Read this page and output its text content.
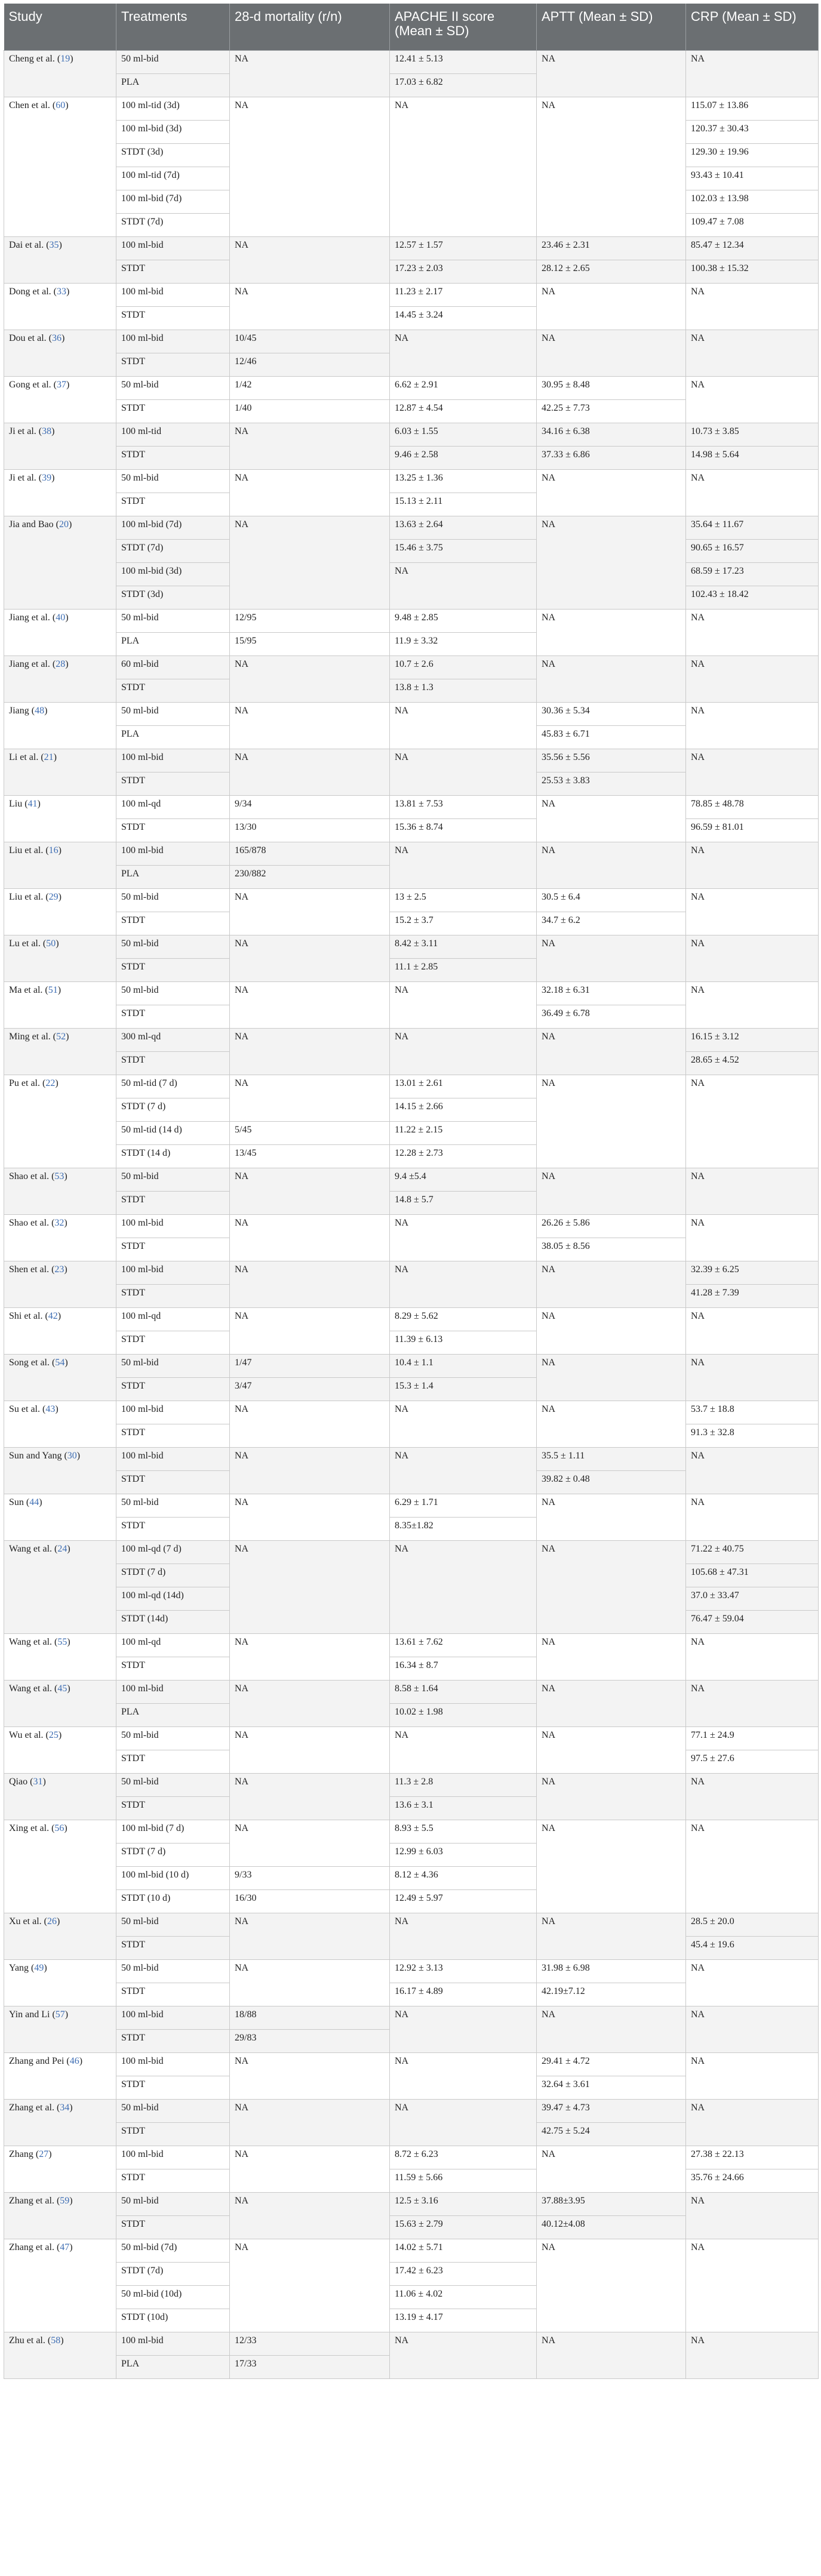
Study	Treatments	28-d mortality (r/n)	APACHE II score (Mean ± SD)	APTT (Mean ± SD)	CRP (Mean ± SD)
Cheng et al. (19)	50 ml-bid	NA	12.41 ± 5.13	NA	NA
	PLA		17.03 ± 6.82		
Chen et al. (60)	100 ml-tid (3d)	NA	NA	NA	115.07 ± 13.86
	100 ml-bid (3d)				120.37 ± 30.43
	STDT (3d)				129.30 ± 19.96
	100 ml-tid (7d)				93.43 ± 10.41
	100 ml-bid (7d)				102.03 ± 13.98
	STDT (7d)				109.47 ± 7.08
Dai et al. (35)	100 ml-bid	NA	12.57 ± 1.57	23.46 ± 2.31	85.47 ± 12.34
	STDT		17.23 ± 2.03	28.12 ± 2.65	100.38 ± 15.32
Dong et al. (33)	100 ml-bid	NA	11.23 ± 2.17	NA	NA
	STDT		14.45 ± 3.24		
Dou et al. (36)	100 ml-bid	10/45	NA	NA	NA
	STDT	12/46			
Gong et al. (37)	50 ml-bid	1/42	6.62 ± 2.91	30.95 ± 8.48	NA
	STDT	1/40	12.87 ± 4.54	42.25 ± 7.73	
Ji et al. (38)	100 ml-tid	NA	6.03 ± 1.55	34.16 ± 6.38	10.73 ± 3.85
	STDT		9.46 ± 2.58	37.33 ± 6.86	14.98 ± 5.64
Ji et al. (39)	50 ml-bid	NA	13.25 ± 1.36	NA	NA
	STDT		15.13 ± 2.11		
Jia and Bao (20)	100 ml-bid (7d)	NA	13.63 ± 2.64	NA	35.64 ± 11.67
	STDT (7d)		15.46 ± 3.75		90.65 ± 16.57
	100 ml-bid (3d)		NA		68.59 ± 17.23
	STDT (3d)				102.43 ± 18.42
Jiang et al. (40)	50 ml-bid	12/95	9.48 ± 2.85	NA	NA
	PLA	15/95	11.9 ± 3.32		
Jiang et al. (28)	60 ml-bid	NA	10.7 ± 2.6	NA	NA
	STDT		13.8 ± 1.3		
Jiang (48)	50 ml-bid	NA	NA	30.36 ± 5.34	NA
	PLA			45.83 ± 6.71	
Li et al. (21)	100 ml-bid	NA	NA	35.56 ± 5.56	NA
	STDT			25.53 ± 3.83	
Liu (41)	100 ml-qd	9/34	13.81 ± 7.53	NA	78.85 ± 48.78
	STDT	13/30	15.36 ± 8.74		96.59 ± 81.01
Liu et al. (16)	100 ml-bid	165/878	NA	NA	NA
	PLA	230/882			
Liu et al. (29)	50 ml-bid	NA	13 ± 2.5	30.5 ± 6.4	NA
	STDT		15.2 ± 3.7	34.7 ± 6.2	
Lu et al. (50)	50 ml-bid	NA	8.42 ± 3.11	NA	NA
	STDT		11.1 ± 2.85		
Ma et al. (51)	50 ml-bid	NA	NA	32.18 ± 6.31	NA
	STDT			36.49 ± 6.78	
Ming et al. (52)	300 ml-qd	NA	NA	NA	16.15 ± 3.12
	STDT				28.65 ± 4.52
Pu et al. (22)	50 ml-tid (7 d)	NA	13.01 ± 2.61	NA	NA
	STDT (7 d)		14.15 ± 2.66		
	50 ml-tid (14 d)	5/45	11.22 ± 2.15		
	STDT (14 d)	13/45	12.28 ± 2.73		
Shao et al. (53)	50 ml-bid	NA	9.4 ±5.4	NA	NA
	STDT		14.8 ± 5.7		
Shao et al. (32)	100 ml-bid	NA	NA	26.26 ± 5.86	NA
	STDT			38.05 ± 8.56	
Shen et al. (23)	100 ml-bid	NA	NA	NA	32.39 ± 6.25
	STDT				41.28 ± 7.39
Shi et al. (42)	100 ml-qd	NA	8.29 ± 5.62	NA	NA
	STDT		11.39 ± 6.13		
Song et al. (54)	50 ml-bid	1/47	10.4 ± 1.1	NA	NA
	STDT	3/47	15.3 ± 1.4		
Su et al. (43)	100 ml-bid	NA	NA	NA	53.7 ± 18.8
	STDT				91.3 ± 32.8
Sun and Yang (30)	100 ml-bid	NA	NA	35.5 ± 1.11	NA
	STDT			39.82 ± 0.48	
Sun (44)	50 ml-bid	NA	6.29 ± 1.71	NA	NA
	STDT		8.35±1.82		
Wang et al. (24)	100 ml-qd (7 d)	NA	NA	NA	71.22 ± 40.75
	STDT (7 d)				105.68 ± 47.31
	100 ml-qd (14d)				37.0 ± 33.47
	STDT (14d)				76.47 ± 59.04
Wang et al. (55)	100 ml-qd	NA	13.61 ± 7.62	NA	NA
	STDT		16.34 ± 8.7		
Wang et al. (45)	100 ml-bid	NA	8.58 ± 1.64	NA	NA
	PLA		10.02 ± 1.98		
Wu et al. (25)	50 ml-bid	NA	NA	NA	77.1 ± 24.9
	STDT				97.5 ± 27.6
Qiao (31)	50 ml-bid	NA	11.3 ± 2.8	NA	NA
	STDT		13.6 ± 3.1		
Xing et al. (56)	100 ml-bid (7 d)	NA	8.93 ± 5.5	NA	NA
	STDT (7 d)		12.99 ± 6.03		
	100 ml-bid (10 d)	9/33	8.12 ± 4.36		
	STDT (10 d)	16/30	12.49 ± 5.97		
Xu et al. (26)	50 ml-bid	NA	NA	NA	28.5 ± 20.0
	STDT				45.4 ± 19.6
Yang (49)	50 ml-bid	NA	12.92 ± 3.13	31.98 ± 6.98	NA
	STDT		16.17 ± 4.89	42.19±7.12	
Yin and Li (57)	100 ml-bid	18/88	NA	NA	NA
	STDT	29/83			
Zhang and Pei (46)	100 ml-bid	NA	NA	29.41 ± 4.72	NA
	STDT			32.64 ± 3.61	
Zhang et al. (34)	50 ml-bid	NA	NA	39.47 ± 4.73	NA
	STDT			42.75 ± 5.24	
Zhang (27)	100 ml-bid	NA	8.72 ± 6.23	NA	27.38 ± 22.13
	STDT		11.59 ± 5.66		35.76 ± 24.66
Zhang et al. (59)	50 ml-bid	NA	12.5 ± 3.16	37.88±3.95	NA
	STDT		15.63 ± 2.79	40.12±4.08	
Zhang et al. (47)	50 ml-bid (7d)	NA	14.02 ± 5.71	NA	NA
	STDT (7d)		17.42 ± 6.23		
	50 ml-bid (10d)		11.06 ± 4.02		
	STDT (10d)		13.19 ± 4.17		
Zhu et al. (58)	100 ml-bid	12/33	NA	NA	NA
	PLA	17/33			
